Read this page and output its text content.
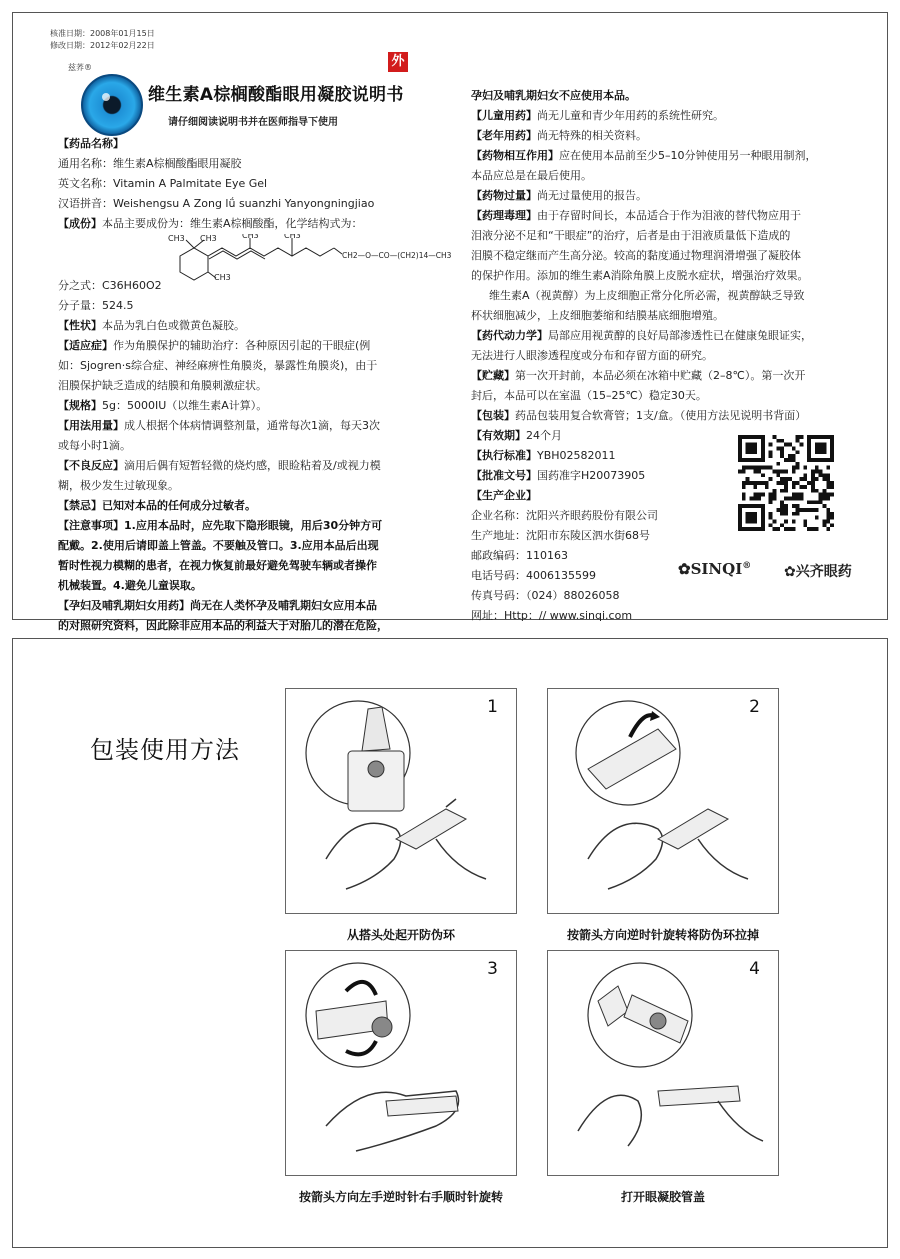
核准日期：2008年01月15日
修改日期：2012年02月22日
兹荞®	外
维生素A棕榈酸酯眼用凝胶说明书
请仔细阅读说明书并在医师指导下使用
【药品名称】
通用名称：维生素A棕榈酸酯眼用凝胶
英文名称：Vitamin A Palmitate Eye Gel
汉语拼音：Weishengsu A Zong lǘ suanzhi Yanyongningjiao
【成份】本品主要成份为：维生素A棕榈酸酯，化学结构式为：
CH3 CH3
CH3
CH3	CH3
CH2—O—CO—(CH2)14—CH3
分之式：C36H60O2
分子量：524.5
【性状】本品为乳白色或微黄色凝胶。
【适应症】作为角膜保护的辅助治疗：各种原因引起的干眼症(例
如：Sjogren·s综合症、神经麻痹性角膜炎，暴露性角膜炎)，由于
泪膜保护缺乏造成的结膜和角膜刺激症状。
【规格】5g：5000IU（以维生素A计算）。
【用法用量】成人根据个体病情调整剂量，通常每次1滴，每天3次
或每小时1滴。
【不良反应】滴用后偶有短暂轻微的烧灼感，眼睑粘着及/或视力模
糊，极少发生过敏现象。
【禁忌】已知对本品的任何成分过敏者。
【注意事项】1.应用本品时，应先取下隐形眼镜，用后30分钟方可
配戴。2.使用后请即盖上管盖。不要触及管口。3.应用本品后出现
暂时性视力模糊的患者，在视力恢复前最好避免驾驶车辆或者操作
机械装置。4.避免儿童误取。
【孕妇及哺乳期妇女用药】尚无在人类怀孕及哺乳期妇女应用本品
的对照研究资料，因此除非应用本品的利益大于对胎儿的潜在危险，
孕妇及哺乳期妇女不应使用本品。
【儿童用药】尚无儿童和青少年用药的系统性研究。
【老年用药】尚无特殊的相关资料。
【药物相互作用】应在使用本品前至少5–10分钟使用另一种眼用制剂，
本品应总是在最后使用。
【药物过量】尚无过量使用的报告。
【药理毒理】由于存留时间长，本品适合于作为泪液的替代物应用于
泪液分泌不足和“干眼症”的治疗，后者是由于泪液质量低下造成的
泪膜不稳定继而产生高分泌。较高的黏度通过物理润滑增强了凝胶体
的保护作用。添加的维生素A消除角膜上皮脱水症状，增强治疗效果。
维生素A（视黄醇）为上皮细胞正常分化所必需，视黄醇缺乏导致
杯状细胞减少，上皮细胞萎缩和结膜基底细胞增殖。
【药代动力学】局部应用视黄醇的良好局部渗透性已在健康兔眼证实，
无法进行人眼渗透程度或分布和存留方面的研究。
【贮藏】第一次开封前，本品必须在冰箱中贮藏（2–8℃）。第一次开
封后，本品可以在室温（15–25℃）稳定30天。
【包装】药品包装用复合软膏管；1支/盒。（使用方法见说明书背面）
【有效期】24个月
【执行标准】YBH02582011
【批准文号】国药准字H20073905
【生产企业】
企业名称：沈阳兴齐眼药股份有限公司
生产地址：沈阳市东陵区泗水街68号
邮政编码：110163
电话号码：4006135599
传真号码：（024）88026058
网址：Http：// www.sinqi.com
✿SINQI® ✿兴齐眼药
包装使用方法
1
从搭头处起开防伪环
2
按箭头方向逆时针旋转将防伪环拉掉
3
按箭头方向左手逆时针右手顺时针旋转
4
打开眼凝胶管盖
